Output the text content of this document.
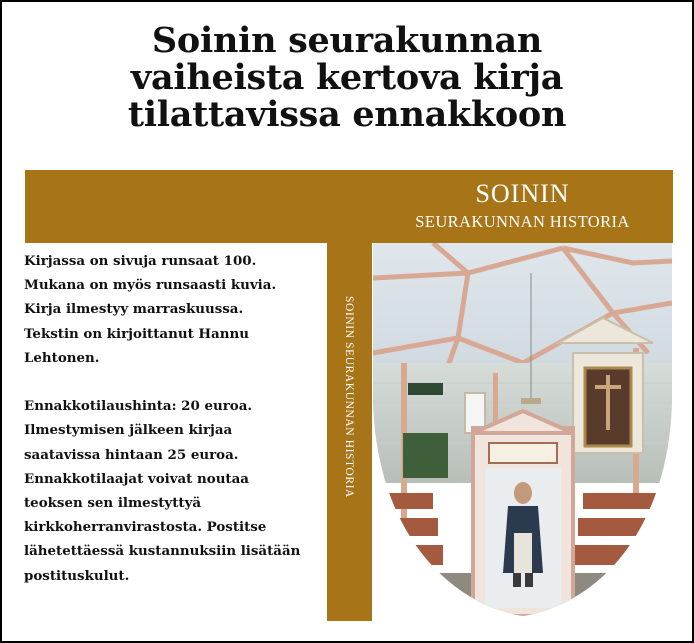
Soinin seurakunnan
vaiheista kertova kirja
tilattavissa ennakkoon
SOININ
SEURAKUNNAN HISTORIA
SOININ SEURAKUNNAN HISTORIA
Kirjassa on sivuja runsaat 100.
Mukana on myös runsaasti kuvia.
Kirja ilmestyy marraskuussa.
Tekstin on kirjoittanut Hannu
Lehtonen.
Ennakkotilaushinta: 20 euroa.
Ilmestymisen jälkeen kirjaa
saatavissa hintaan 25 euroa.
Ennakkotilaajat voivat noutaa
teoksen sen ilmestyttyä
kirkkoherranvirastosta. Postitse
lähetettäessä kustannuksiin lisätään
postituskulut.
